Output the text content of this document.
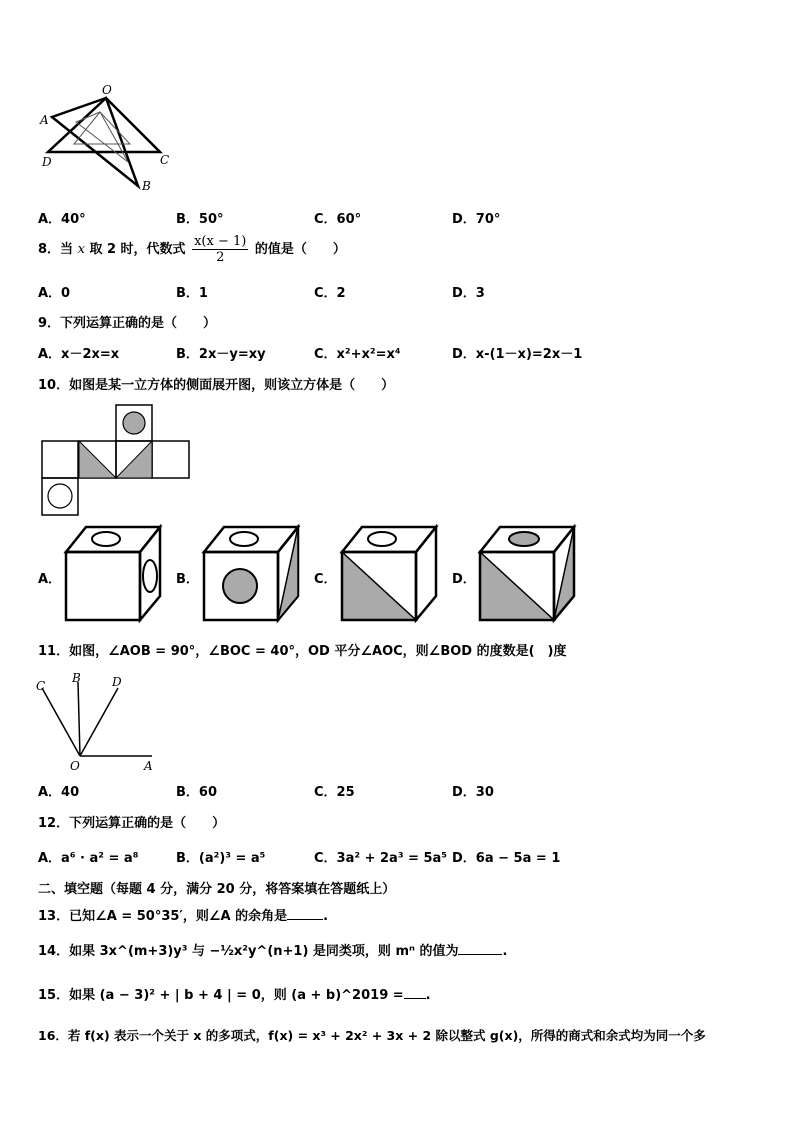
O
A
D	C
B
A．40°	B．50°	C．60°	D．70°
8．当 x 取 2 时，代数式 $\frac{x(x - 1)}{2}$ 的值是（　　）
A．0	B．1	C．2	D．3
9．下列运算正确的是（　　）
A．x－2x=x	B．2x－y=xy	C．x²+x²=x⁴	D．x-(1－x)=2x－1
10．如图是某一立方体的侧面展开图，则该立方体是（　　）
A．	B．	C．	D．
11．如图，∠AOB = 90°，∠BOC = 40°，OD 平分∠AOC，则∠BOD 的度数是(　)度
C
B	D
O	A
A．40	B．60	C．25	D．30
12．下列运算正确的是（　　）
A．a⁶ · a² = a⁸	B．(a²)³ = a⁵	C．3a² + 2a³ = 5a⁵ D．6a − 5a = 1
二、填空题（每题 4 分，满分 20 分，将答案填在答题纸上）
13．已知∠A = 50°35′，则∠A 的余角是	.
14．如果 3x^(m+3)y³ 与 −½x²y^(n+1) 是同类项，则 mⁿ 的值为	.
15．如果 (a − 3)² + | b + 4 | = 0，则 (a + b)^2019 = .
16．若 f(x) 表示一个关于 x 的多项式，f(x) = x³ + 2x² + 3x + 2 除以整式 g(x)，所得的商式和余式均为同一个多
